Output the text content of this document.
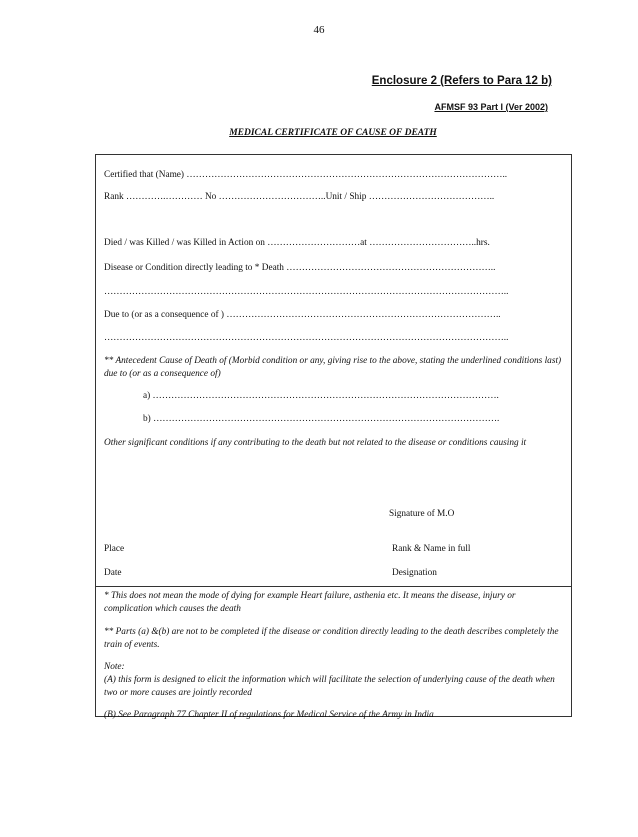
46
Enclosure 2 (Refers to Para 12 b)
AFMSF 93 Part I (Ver 2002)
MEDICAL CERTIFICATE OF CAUSE OF DEATH
Certified that (Name) …………………………………………………………………………………………..
Rank ………….………… No ……………………………..Unit / Ship …………………………………..
Died / was Killed / was Killed in Action on …………………………at ……………………………..hrs.
Disease or Condition directly leading to * Death …………………………………………………………..
…………………………………………………………………………………………………………………..
Due to (or as a consequence of ) ……………………………………………………………………………..
…………………………………………………………………………………………………………………..
** Antecedent Cause of Death of (Morbid condition or any, giving rise to the above, stating the underlined conditions last) due to (or as a consequence of)
a) ………………………………………………………………………………………………….
b) ………………………………………………………………………………………………….
Other significant conditions if any contributing to the death but not related to the disease or conditions causing it
Signature of M.O
Place	Rank & Name in full
Date	Designation
* This does not mean the mode of dying for example Heart failure, asthenia etc. It means the disease, injury or complication which causes the death
** Parts (a) &(b) are not to be completed if the disease or condition directly leading to the death describes completely the train of events.
Note:
(A) this form is designed to elicit the information which will facilitate the selection of underlying cause of the death when two or more causes are jointly recorded
(B) See Paragraph 77 Chapter II of regulations for Medical Service of the Army in India
